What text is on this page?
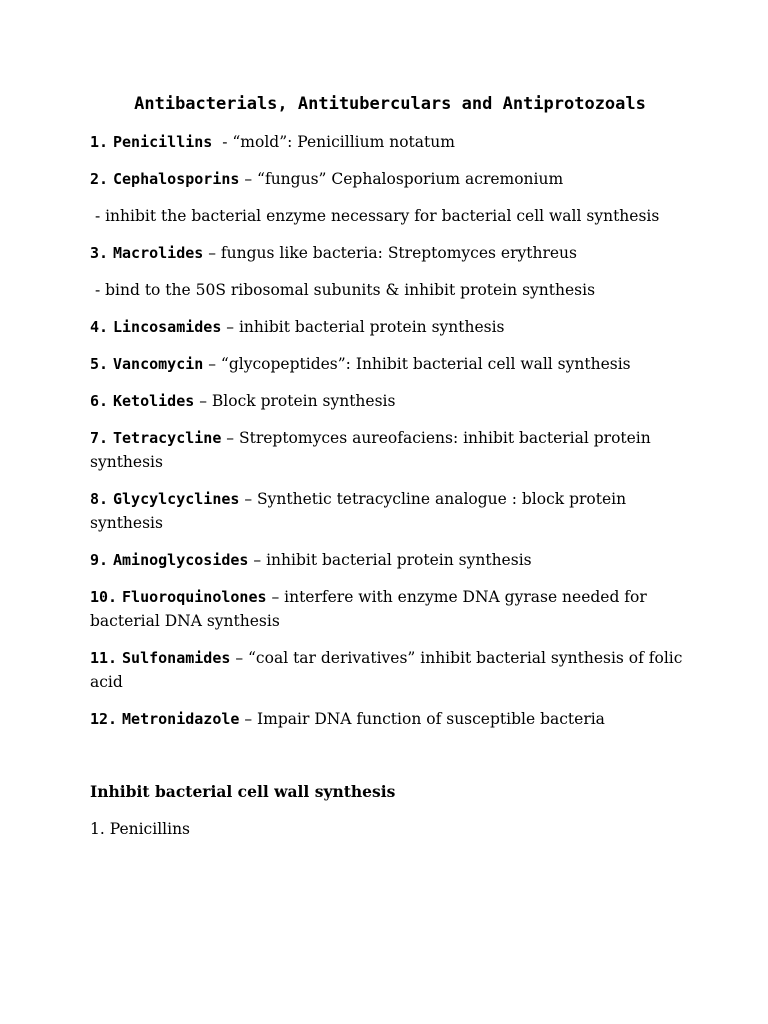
Antibacterials, Antituberculars and Antiprotozoals
1. Penicillins  - “mold”: Penicillium notatum
2. Cephalosporins – “fungus” Cephalosporium acremonium
- inhibit the bacterial enzyme necessary for bacterial cell wall synthesis
3. Macrolides – fungus like bacteria: Streptomyces erythreus
- bind to the 50S ribosomal subunits & inhibit protein synthesis
4. Lincosamides – inhibit bacterial protein synthesis
5. Vancomycin – “glycopeptides”: Inhibit bacterial cell wall synthesis
6. Ketolides – Block protein synthesis
7. Tetracycline – Streptomyces aureofaciens: inhibit bacterial protein synthesis
8. Glycylcyclines – Synthetic tetracycline analogue : block protein synthesis
9. Aminoglycosides – inhibit bacterial protein synthesis
10. Fluoroquinolones – interfere with enzyme DNA gyrase needed for bacterial DNA synthesis
11. Sulfonamides – “coal tar derivatives” inhibit bacterial synthesis of folic acid
12. Metronidazole – Impair DNA function of susceptible bacteria
Inhibit bacterial cell wall synthesis
1. Penicillins
